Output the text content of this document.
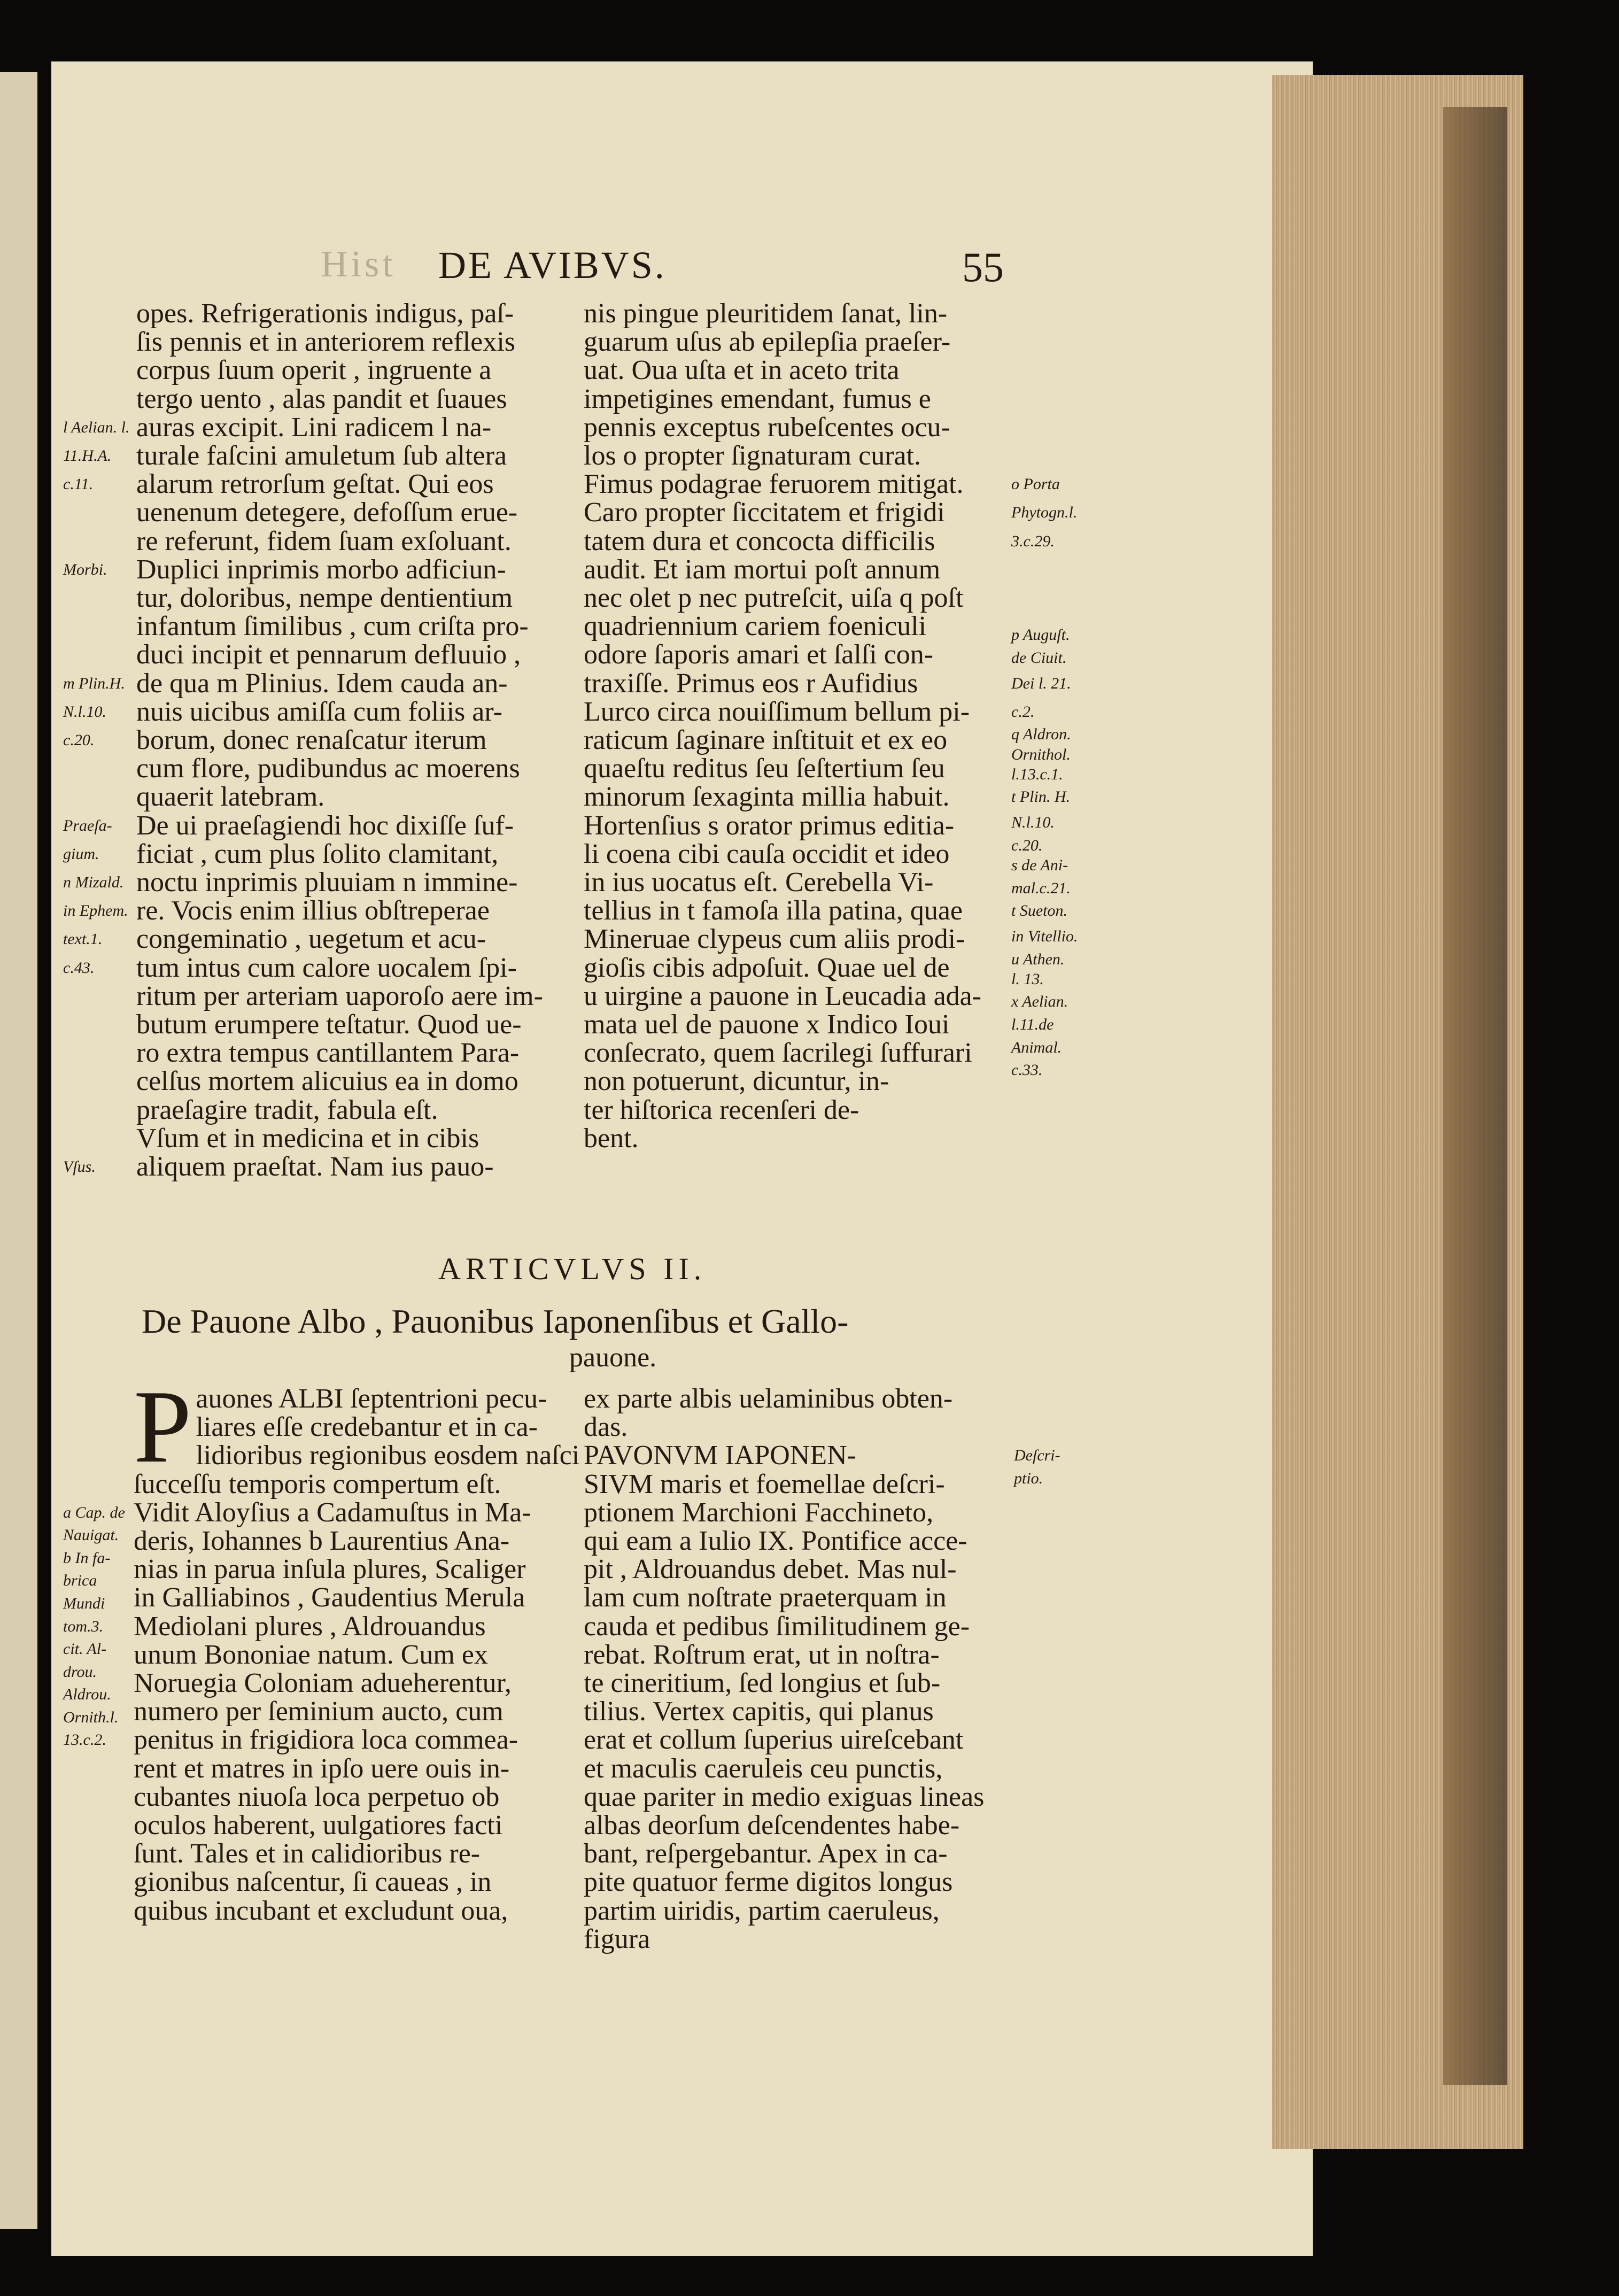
Hist DE AVIBVS.	55
opes. Refrigerationis indigus, paſ-
ſis pennis et in anteriorem reflexis
corpus ſuum operit , ingruente a
tergo uento , alas pandit et ſuaues
auras excipit. Lini radicem l na-
turale faſcini amuletum ſub altera
alarum retrorſum geſtat. Qui eos
uenenum detegere, defoſſum erue-
re referunt, fidem ſuam exſoluant.
Duplici inprimis morbo adficiun-
tur, doloribus, nempe dentientium
infantum ſimilibus , cum criſta pro-
duci incipit et pennarum defluuio ,
de qua m Plinius. Idem cauda an-
nuis uicibus amiſſa cum foliis ar-
borum, donec renaſcatur iterum
cum flore, pudibundus ac moerens
quaerit latebram.
De ui praeſagiendi hoc dixiſſe ſuf-
ficiat , cum plus ſolito clamitant,
noctu inprimis pluuiam n immine-
re. Vocis enim illius obſtreperae
congeminatio , uegetum et acu-
tum intus cum calore uocalem ſpi-
ritum per arteriam uaporoſo aere im-
butum erumpere teſtatur. Quod ue-
ro extra tempus cantillantem Para-
celſus mortem alicuius ea in domo
praeſagire tradit, fabula eſt.
Vſum et in medicina et in cibis
aliquem praeſtat. Nam ius pauo-
nis pingue pleuritidem ſanat, lin-
guarum uſus ab epilepſia praeſer-
uat. Oua uſta et in aceto trita
impetigines emendant, fumus e
pennis exceptus rubeſcentes ocu-
los o propter ſignaturam curat.
Fimus podagrae feruorem mitigat.
Caro propter ſiccitatem et frigidi
tatem dura et concocta difficilis
audit. Et iam mortui poſt annum
nec olet p nec putreſcit, uiſa q poſt
quadriennium cariem foeniculi
odore ſaporis amari et ſalſi con-
traxiſſe. Primus eos r Aufidius
Lurco circa nouiſſimum bellum pi-
raticum ſaginare inſtituit et ex eo
quaeſtu reditus ſeu ſeſtertium ſeu
minorum ſexaginta millia habuit.
Hortenſius s orator primus editia-
li coena cibi cauſa occidit et ideo
in ius uocatus eſt. Cerebella Vi-
tellius in t famoſa illa patina, quae
Mineruae clypeus cum aliis prodi-
gioſis cibis adpoſuit. Quae uel de
u uirgine a pauone in Leucadia ada-
mata uel de pauone x Indico Ioui
conſecrato, quem ſacrilegi ſuffurari
non potuerunt, dicuntur, in-
ter hiſtorica recenſeri de-
bent.
ARTICVLVS II.
De Pauone Albo , Pauonibus Iaponenſibus et Gallo-
pauone.
P auones ALBI ſeptentrioni pecu-
liares eſſe credebantur et in ca-
lidioribus regionibus eosdem naſci
ſucceſſu temporis compertum eſt.
Vidit Aloyſius a Cadamuſtus in Ma-
deris, Iohannes b Laurentius Ana-
nias in parua inſula plures, Scaliger
in Galliabinos , Gaudentius Merula
Mediolani plures , Aldrouandus
unum Bononiae natum. Cum ex
Noruegia Coloniam adueherentur,
numero per ſeminium aucto, cum
penitus in frigidiora loca commea-
rent et matres in ipſo uere ouis in-
cubantes niuoſa loca perpetuo ob
oculos haberent, uulgatiores facti
ſunt. Tales et in calidioribus re-
gionibus naſcentur, ſi caueas , in
quibus incubant et excludunt oua,
ex parte albis uelaminibus obten-
das.
PAVONVM IAPONEN-
SIVM maris et foemellae deſcri-
ptionem Marchioni Facchineto,
qui eam a Iulio IX. Pontifice acce-
pit , Aldrouandus debet. Mas nul-
lam cum noſtrate praeterquam in
cauda et pedibus ſimilitudinem ge-
rebat. Roſtrum erat, ut in noſtra-
te cineritium, ſed longius et ſub-
tilius. Vertex capitis, qui planus
erat et collum ſuperius uireſcebant
et maculis caeruleis ceu punctis,
quae pariter in medio exiguas lineas
albas deorſum deſcendentes habe-
bant, reſpergebantur. Apex in ca-
pite quatuor ferme digitos longus
partim uiridis, partim caeruleus,
figura
l Aelian. l.
11.H.A.
c.11.
Morbi.
m Plin.H.
N.l.10.
c.20.
Praeſa-
gium.
n Mizald.
in Ephem.
text.1.
c.43.
Vſus.
o Porta
Phytogn.l.
3.c.29.
p Auguſt.
de Ciuit.
Dei l. 21.
c.2.
q Aldron.
Ornithol.
l.13.c.1.
t Plin. H.
N.l.10.
c.20.
s de Ani-
mal.c.21.
t Sueton.
in Vitellio.
u Athen.
l. 13.
x Aelian.
l.11.de
Animal.
c.33.
a Cap. de
Nauigat.
b In fa-
brica
Mundi
tom.3.
cit. Al-
drou.
Aldrou.
Ornith.l.
13.c.2.
Deſcri-
ptio.
